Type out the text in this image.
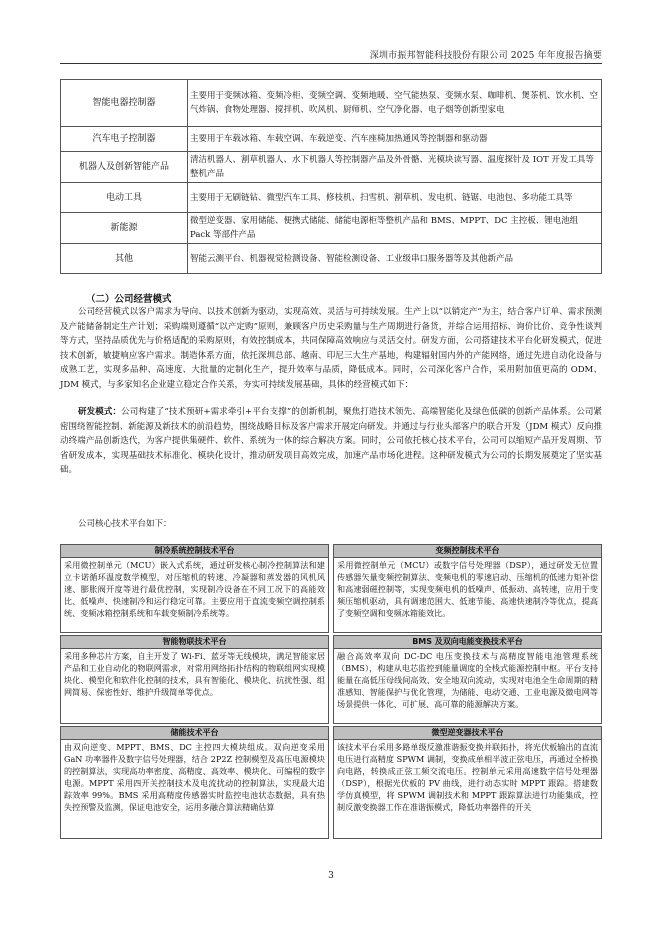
深圳市振邦智能科技股份有限公司 2025 年年度报告摘要
智能电器控制器	主要用于变频冰箱、变频冷柜、变频空调、变频地暖、空气能热泵、变频水泵、咖啡机、煲茶机、饮水机、空气炸锅、食物处理器、搅拌机、吹风机、厨师机、空气净化器、电子烟等创新型家电
汽车电子控制器	主要用于车载冰箱、车载空调、车载逆变、汽车座椅加热通风等控制器和驱动器
机器人及创新智能产品	清洁机器人、割草机器人、水下机器人等控制器产品及外骨骼、光模块读写器、温度探针及 IOT 开发工具等整机产品
电动工具	主要用于无刷链钻、微型汽车工具、修枝机、扫雪机、割草机、发电机、链锯、电池包、多功能工具等
新能源	微型逆变器、家用储能、便携式储能、储能电源柜等整机产品和 BMS、MPPT、DC 主控板、锂电池组 Pack 等部件产品
其他	智能云测平台、机器视觉检测设备、智能检测设备、工业级串口服务器等及其他新产品
（二）公司经营模式
公司经营模式以客户需求为导向、以技术创新为驱动，实现高效、灵活与可持续发展。生产上以“以销定产”为主，结合客户订单、需求预测及产能储备制定生产计划；采购端则遵循“以产定购”原则，兼顾客户历史采购量与生产周期进行备货，并综合运用招标、询价比价、竞争性谈判等方式，坚持品质优先与价格适配的采购原则，有效控制成本，共同保障高效响应与灵活交付。研发方面，公司搭建技术平台化研发模式，促进技术创新，敏捷响应客户需求。制造体系方面，依托深圳总部、越南、印尼三大生产基地，构建辐射国内外的产能网络，通过先进自动化设备与成熟工艺，实现多品种、高速度、大批量的定制化生产，提升效率与品质，降低成本。同时，公司深化客户合作，采用附加值更高的 ODM、JDM 模式，与多家知名企业建立稳定合作关系，夯实可持续发展基础，具体的经营模式如下：
研发模式：公司构建了“技术预研+需求牵引+平台支撑”的创新机制，聚焦打造技术领先、高端智能化及绿色低碳的创新产品体系。公司紧密围绕智能控制、新能源及新技术的前沿趋势，围绕战略目标及客户需求开展定向研发。并通过与行业头部客户的联合开发（JDM 模式）反向推动终端产品创新迭代，为客户提供集硬件、软件、系统为一体的综合解决方案。同时，公司依托核心技术平台，公司可以缩短产品开发周期、节省研发成本，实现基础技术标准化、模块化设计，推动研发项目高效完成，加速产品市场化进程。这种研发模式为公司的长期发展奠定了坚实基础。
公司核心技术平台如下：
制冷系统控制技术平台
采用微控制单元（MCU）嵌入式系统，通过研发核心制冷控制算法和建立卡诺循环温度数学模型，对压缩机的转速、冷凝器和蒸发器的风机风速、膨胀阀开度等进行最优控制，实现制冷设备在不同工况下的高能效比、低噪声、快速制冷和运行稳定可靠。主要应用于直流变频空调控制系统、变频冰箱控制系统和车载变频制冷系统等。
变频控制技术平台
采用微控制单元（MCU）或数字信号处理器（DSP），通过研发无位置传感器矢量变频控制算法、变频电机的零速启动、压缩机的低速力矩补偿和高速弱磁控制等，实现变频电机的低噪声、低振动、高转速，应用于变频压缩机驱动，具有调速范围大、低速节能、高速快速制冷等优点，提高了变频空调和变频冰箱能效比。
智能物联技术平台
采用多种芯片方案，自主开发了 Wi-Fi、蓝牙等无线模块，满足智能家居产品和工业自动化的物联网需求，对常用网络拓扑结构的物联组网实现模块化、模型化和软件化控制的技术，具有智能化、模块化、抗扰性强、组网简易、保密性好、维护升级简单等优点。
BMS 及双向电能变换技术平台
融合高效率双向 DC-DC 电压变换技术与高精度智能电池管理系统（BMS），构建从电芯监控到能量调度的全栈式能源控制中枢。平台支持能量在高低压母线间高效、安全地双向流动，实现对电池全生命周期的精准感知、智能保护与优化管理，为储能、电动交通、工业电源及微电网等场景提供一体化、可扩展、高可靠的能源解决方案。
储能技术平台
由双向逆变、MPPT、BMS、DC 主控四大模块组成。双向逆变采用 GaN 功率器件及数字信号处理器，结合 2P2Z 控制模型及高压电源模块的控制算法，实现高功率密度、高精度、高效率、模块化、可编程的数字电源。MPPT 采用四开关控制技术及电流扰动的控制算法，实现最大追踪效率 99%。BMS 采用高精度传感器实时监控电池状态数据，具有热失控预警及监测，保证电池安全，运用多融合算法精确估算
微型逆变器技术平台
该技术平台采用多路单级反激准谐振变换并联拓扑，将光伏板输出的直流电压进行高精度 SPWM 调制，变换成单相半波正弦电压，再通过全桥换向电路，转换成正弦工频交流电压。控制单元采用高速数字信号处理器（DSP），根据光伏板的 PV 曲线，进行动态实时 MPPT 跟踪。搭建数学仿真模型，将 SPWM 调制技术和 MPPT 跟踪算法进行功能集成，控制反激变换器工作在准谐振模式，降低功率器件的开关
3
